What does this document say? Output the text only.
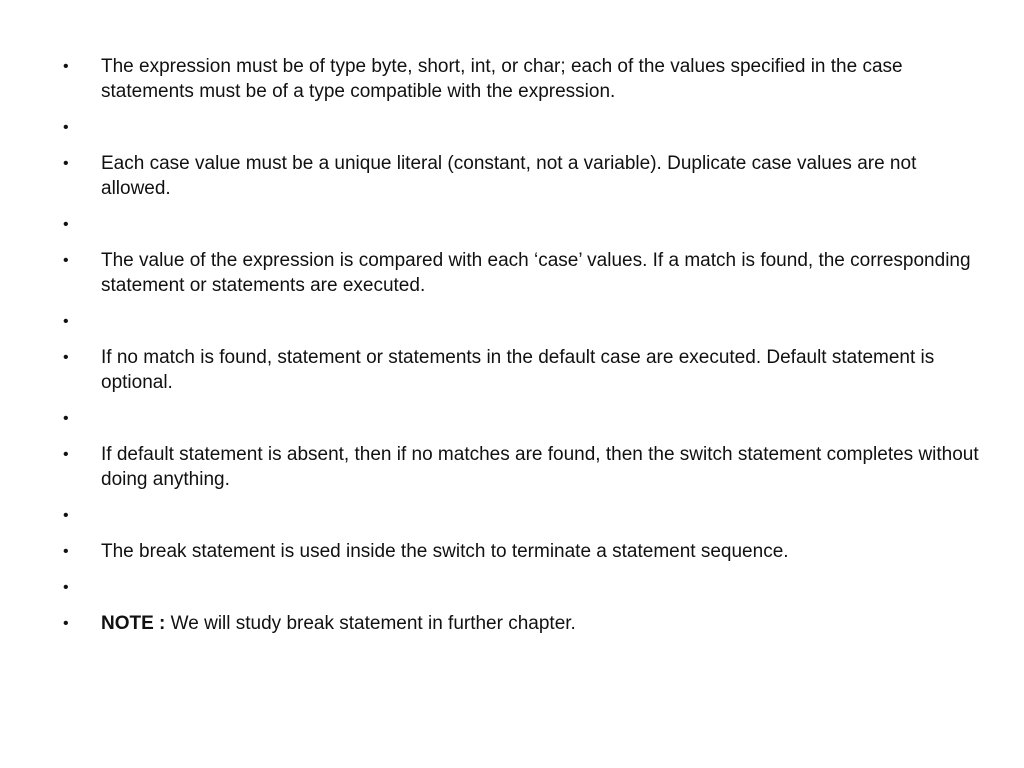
•	The expression must be of type byte, short, int, or char; each of the values specified in the case statements must be of a type compatible with the expression.
•
•	Each case value must be a unique literal (constant, not a variable). Duplicate case values are not allowed.
•
•	The value of the expression is compared with each ‘case’ values. If a match is found, the corresponding statement or statements are executed.
•
•	If no match is found, statement or statements in the default case are executed. Default statement is optional.
•
•	If default statement is absent, then if no matches are found, then the switch statement completes without doing anything.
•
•	The break statement is used inside the switch to terminate a statement sequence.
•
•	NOTE : We will study break statement in further chapter.
